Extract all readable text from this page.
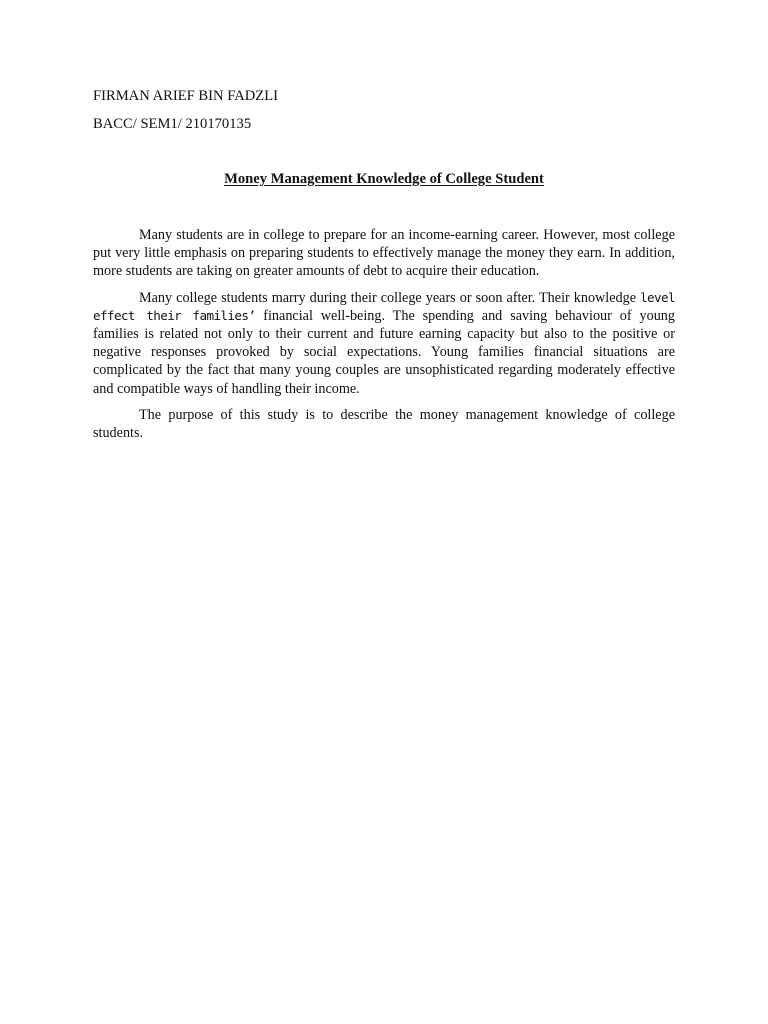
FIRMAN ARIEF BIN FADZLI
BACC/ SEM1/ 210170135
Money Management Knowledge of College Student

Many students are in college to prepare for an income-earning career. However, most college put very little emphasis on preparing students to effectively manage the money they earn. In addition, more students are taking on greater amounts of debt to acquire their education.

Many college students marry during their college years or soon after. Their knowledge level effect their families’ financial well-being. The spending and saving behaviour of young families is related not only to their current and future earning capacity but also to the positive or negative responses provoked by social expectations. Young families financial situations are complicated by the fact that many young couples are unsophisticated regarding moderately effective and compatible ways of handling their income.

The purpose of this study is to describe the money management knowledge of college students.
